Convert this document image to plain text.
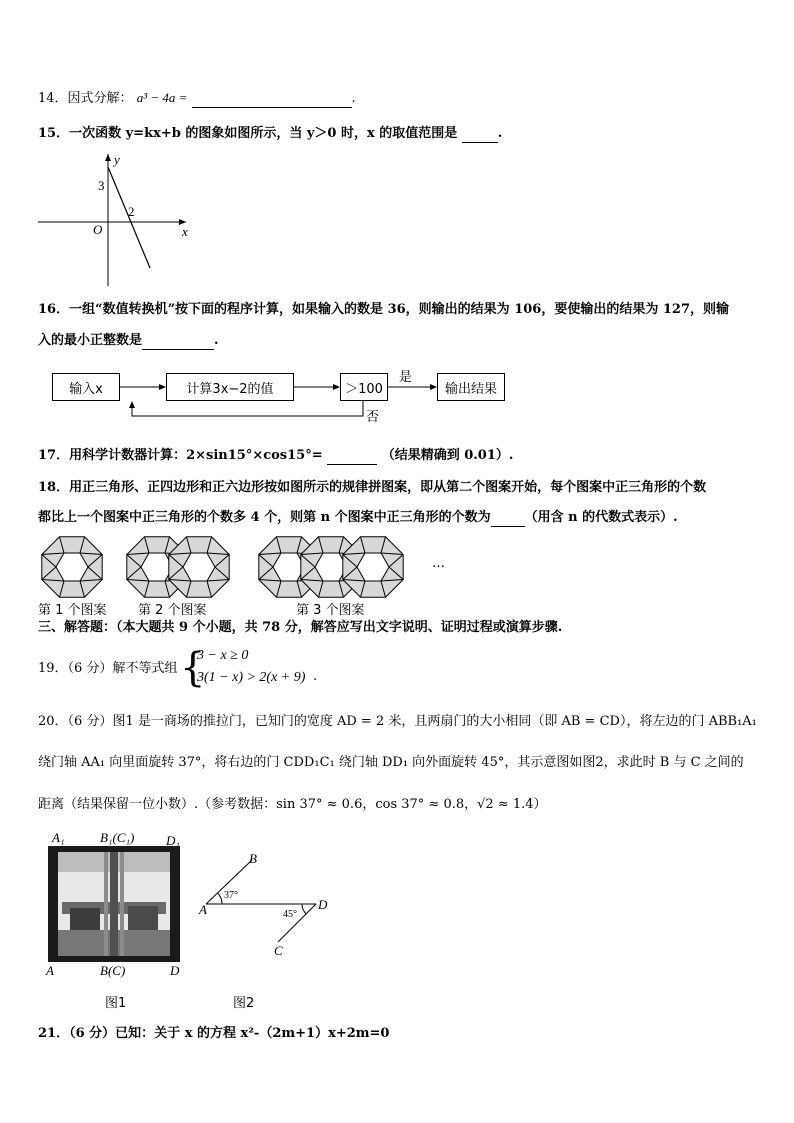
14．因式分解： a³ − 4a =	.
15．一次函数 y=kx+b 的图象如图所示，当 y＞0 时，x 的取值范围是	.
y
x
O
3
2
16．一组“数值转换机”按下面的程序计算，如果输入的数是 36，则输出的结果为 106，要使输出的结果为 127，则输
入的最小正整数是	.
输入x	计算3x−2的值	＞100	输出结果
是
否
17．用科学计数器计算：2×sin15°×cos15°=	（结果精确到 0.01）.
18．用正三角形、正四边形和正六边形按如图所示的规律拼图案，即从第二个图案开始，每个图案中正三角形的个数
都比上一个图案中正三角形的个数多 4 个，则第 n 个图案中正三角形的个数为	（用含 n 的代数式表示）.
…
第 1 个图案 第 2 个图案	第 3 个图案
三、解答题：（本大题共 9 个小题，共 78 分，解答应写出文字说明、证明过程或演算步骤.
19．（6 分）解不等式组 {
3 − x ≥ 0
3(1 − x) > 2(x + 9) .
20．（6 分）图1 是一商场的推拉门，已知门的宽度 AD = 2 米，且两扇门的大小相同（即 AB = CD），将左边的门 ABB₁A₁
绕门轴 AA₁ 向里面旋转 37°，将右边的门 CDD₁C₁ 绕门轴 DD₁ 向外面旋转 45°，其示意图如图2，求此时 B 与 C 之间的
距离（结果保留一位小数）.（参考数据：sin 37° ≈ 0.6，cos 37° ≈ 0.8，√2 ≈ 1.4）
A₁	B₁(C₁) D₁
A	B(C)	D
图1
A
B
C
D
37°
45°
图2
21．（6 分）已知：关于 x 的方程 x²-（2m+1）x+2m=0
